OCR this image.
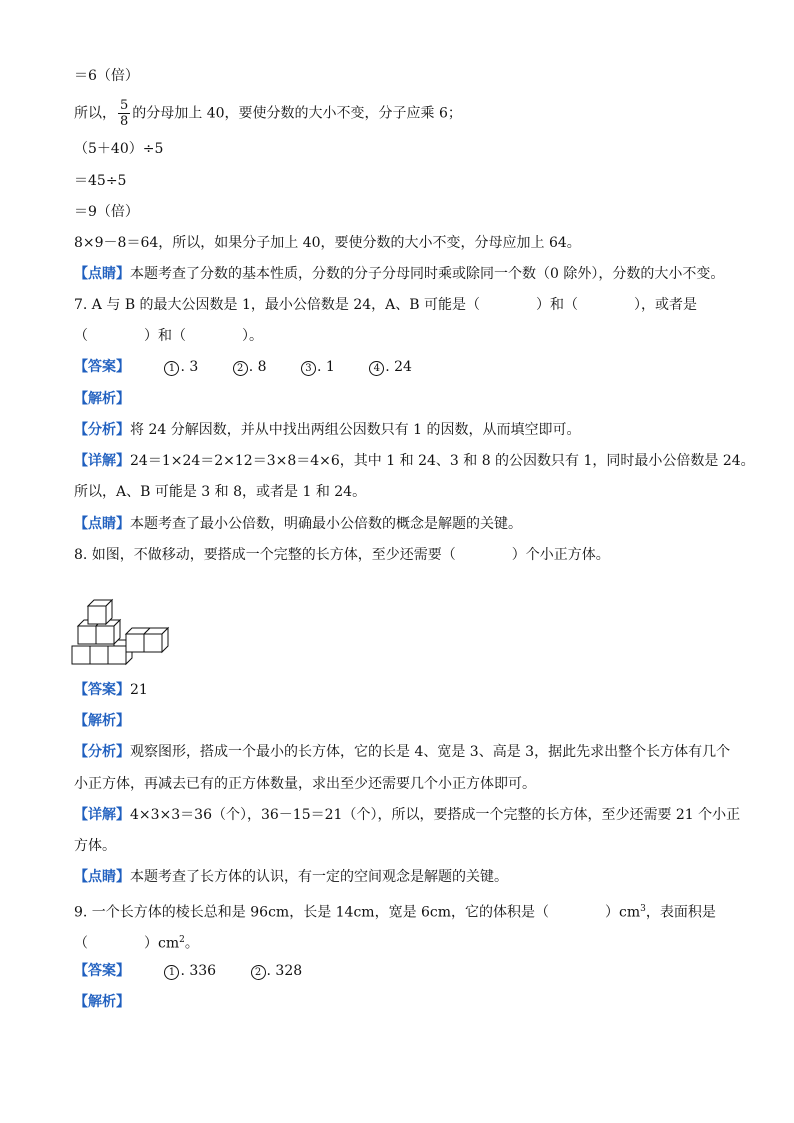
＝6（倍）
所以， $\frac{5}{8}$ 的分母加上 40，要使分数的大小不变，分子应乘 6；
（5＋40）÷5
＝45÷5
＝9（倍）
8×9－8＝64，所以，如果分子加上 40，要使分数的大小不变，分母应加上 64。
【点睛】本题考查了分数的基本性质，分数的分子分母同时乘或除同一个数（0 除外），分数的大小不变。
7. A 与 B 的最大公因数是 1，最小公倍数是 24，A、B 可能是（　　　　）和（　　　　），或者是
（　　　　）和（　　　　）。
【答案】	1 . 3	2 . 8	3 . 1	4 . 24
【解析】
【分析】将 24 分解因数，并从中找出两组公因数只有 1 的因数，从而填空即可。
【详解】24＝1×24＝2×12＝3×8＝4×6，其中 1 和 24、3 和 8 的公因数只有 1，同时最小公倍数是 24。
所以，A、B 可能是 3 和 8，或者是 1 和 24。
【点睛】本题考查了最小公倍数，明确最小公倍数的概念是解题的关键。
8. 如图，不做移动，要搭成一个完整的长方体，至少还需要（　　　　）个小正方体。
【答案】21
【解析】
【分析】观察图形，搭成一个最小的长方体，它的长是 4、宽是 3、高是 3，据此先求出整个长方体有几个
小正方体，再减去已有的正方体数量，求出至少还需要几个小正方体即可。
【详解】4×3×3＝36（个），36－15＝21（个），所以，要搭成一个完整的长方体，至少还需要 21 个小正
方体。
【点睛】本题考查了长方体的认识，有一定的空间观念是解题的关键。
9. 一个长方体的棱长总和是 96cm，长是 14cm，宽是 6cm，它的体积是（　　　　）$cm^3$，表面积是
（　　　　）$cm^2$。
【答案】	1 . 336	2 . 328
【解析】
